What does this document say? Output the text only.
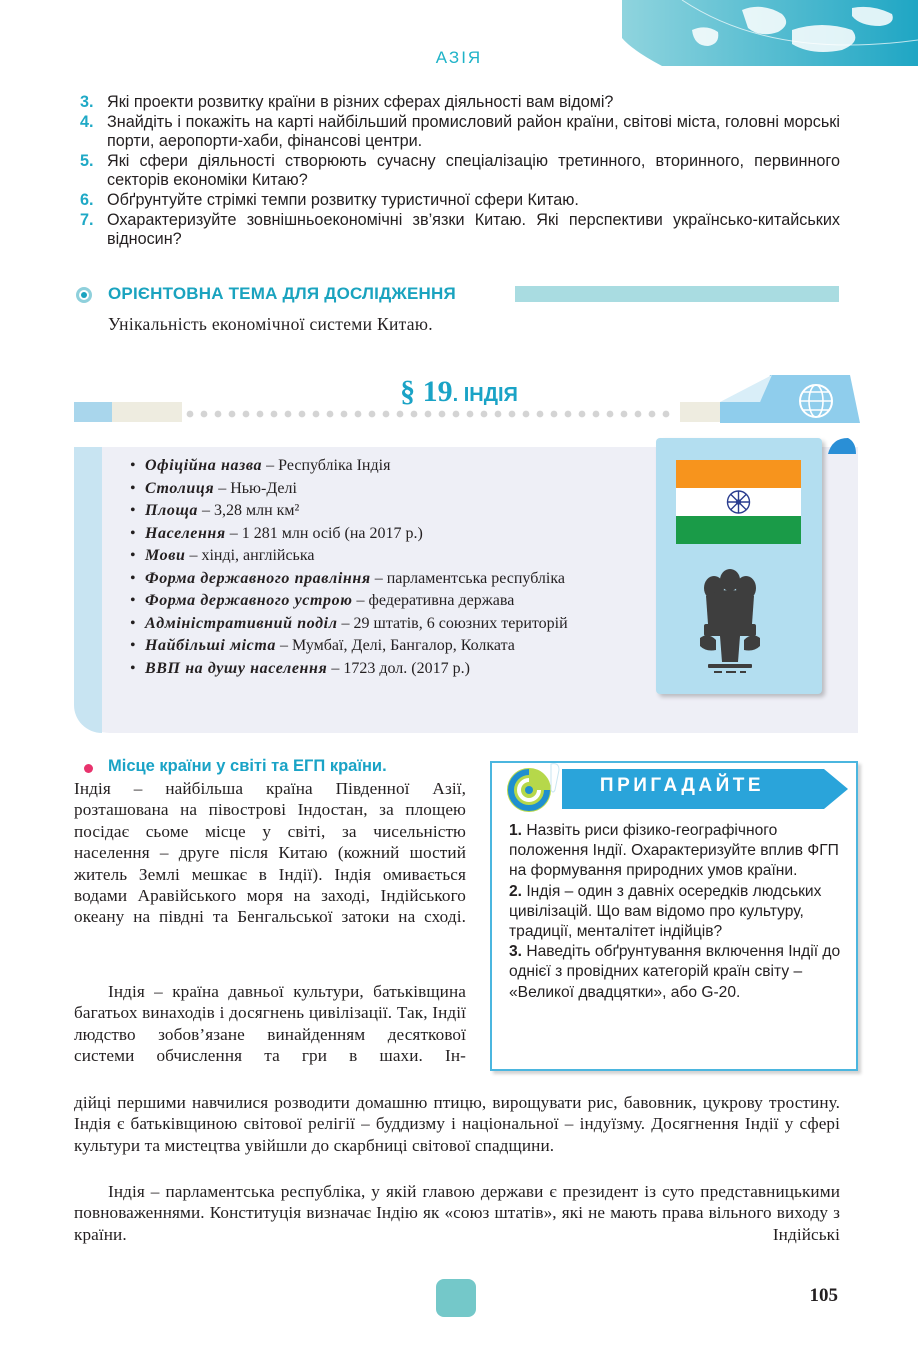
АЗІЯ
3. Які проекти розвитку країни в різних сферах діяльності вам відомі?
4. Знайдіть і покажіть на карті найбільший промисловий район країни, світові міста, головні морські порти, аеропорти-хаби, фінансові центри.
5. Які сфери діяльності створюють сучасну спеціалізацію третинного, вторинного, первинного секторів економіки Китаю?
6. Обґрунтуйте стрімкі темпи розвитку туристичної сфери Китаю.
7. Охарактеризуйте зовнішньоекономічні зв’язки Китаю. Які перспективи українсько-китайських відносин?
ОРІЄНТОВНА ТЕМА ДЛЯ ДОСЛІДЖЕННЯ
Унікальність економічної системи Китаю.
§ 19. ІНДІЯ
• Офіційна назва – Республіка Індія
• Столиця – Нью-Делі
• Площа – 3,28 млн км²
• Населення – 1 281 млн осіб (на 2017 р.)
• Мови – хінді, англійська
• Форма державного правління – парламентська республіка
• Форма державного устрою – федеративна держава
• Адміністративний поділ – 29 штатів, 6 союзних територій
• Найбільші міста – Мумбаї, Делі, Бангалор, Колката
• ВВП на душу населення – 1723 дол. (2017 р.)
Місце країни у світі та ЕГП країни.

Індія – найбільша країна Південної Азії, розташована на півострові Індостан, за площею посідає сьоме місце у світі, за чисельністю населення – друге після Китаю (кожний шостий житель Землі мешкає в Індії). Індія омивається водами Аравійського моря на заході, Індійського океану на півдні та Бенгальської затоки на сході.

Індія – країна давньої культури, батьківщина багатьох винаходів і досягнень цивілізації. Так, Індії людство зобов’язане винайденням десяткової системи обчислення та гри в шахи. Ін-

дійці першими навчилися розводити домашню птицю, вирощувати рис, бавовник, цукрову тростину. Індія є батьківщиною світової релігії – буддизму і національної – індуїзму. Досягнення Індії у сфері культури та мистецтва увійшли до скарбниці світової спадщини.

Індія – парламентська республіка, у якій главою держави є президент із суто представницькими повноваженнями. Конституція визначає Індію як «союз штатів», які не мають права вільного виходу з країни. Індійські

ПРИГАДАЙТЕ
1. Назвіть риси фізико-географічного положення Індії. Охарактеризуйте вплив ФГП на формування природних умов країни.
2. Індія – один з давніх осередків людських цивілізацій. Що вам відомо про культуру, традиції, менталітет індійців?
3. Наведіть обґрунтування включення Індії до однієї з провідних категорій країн світу – «Великої двадцятки», або G-20.
105
